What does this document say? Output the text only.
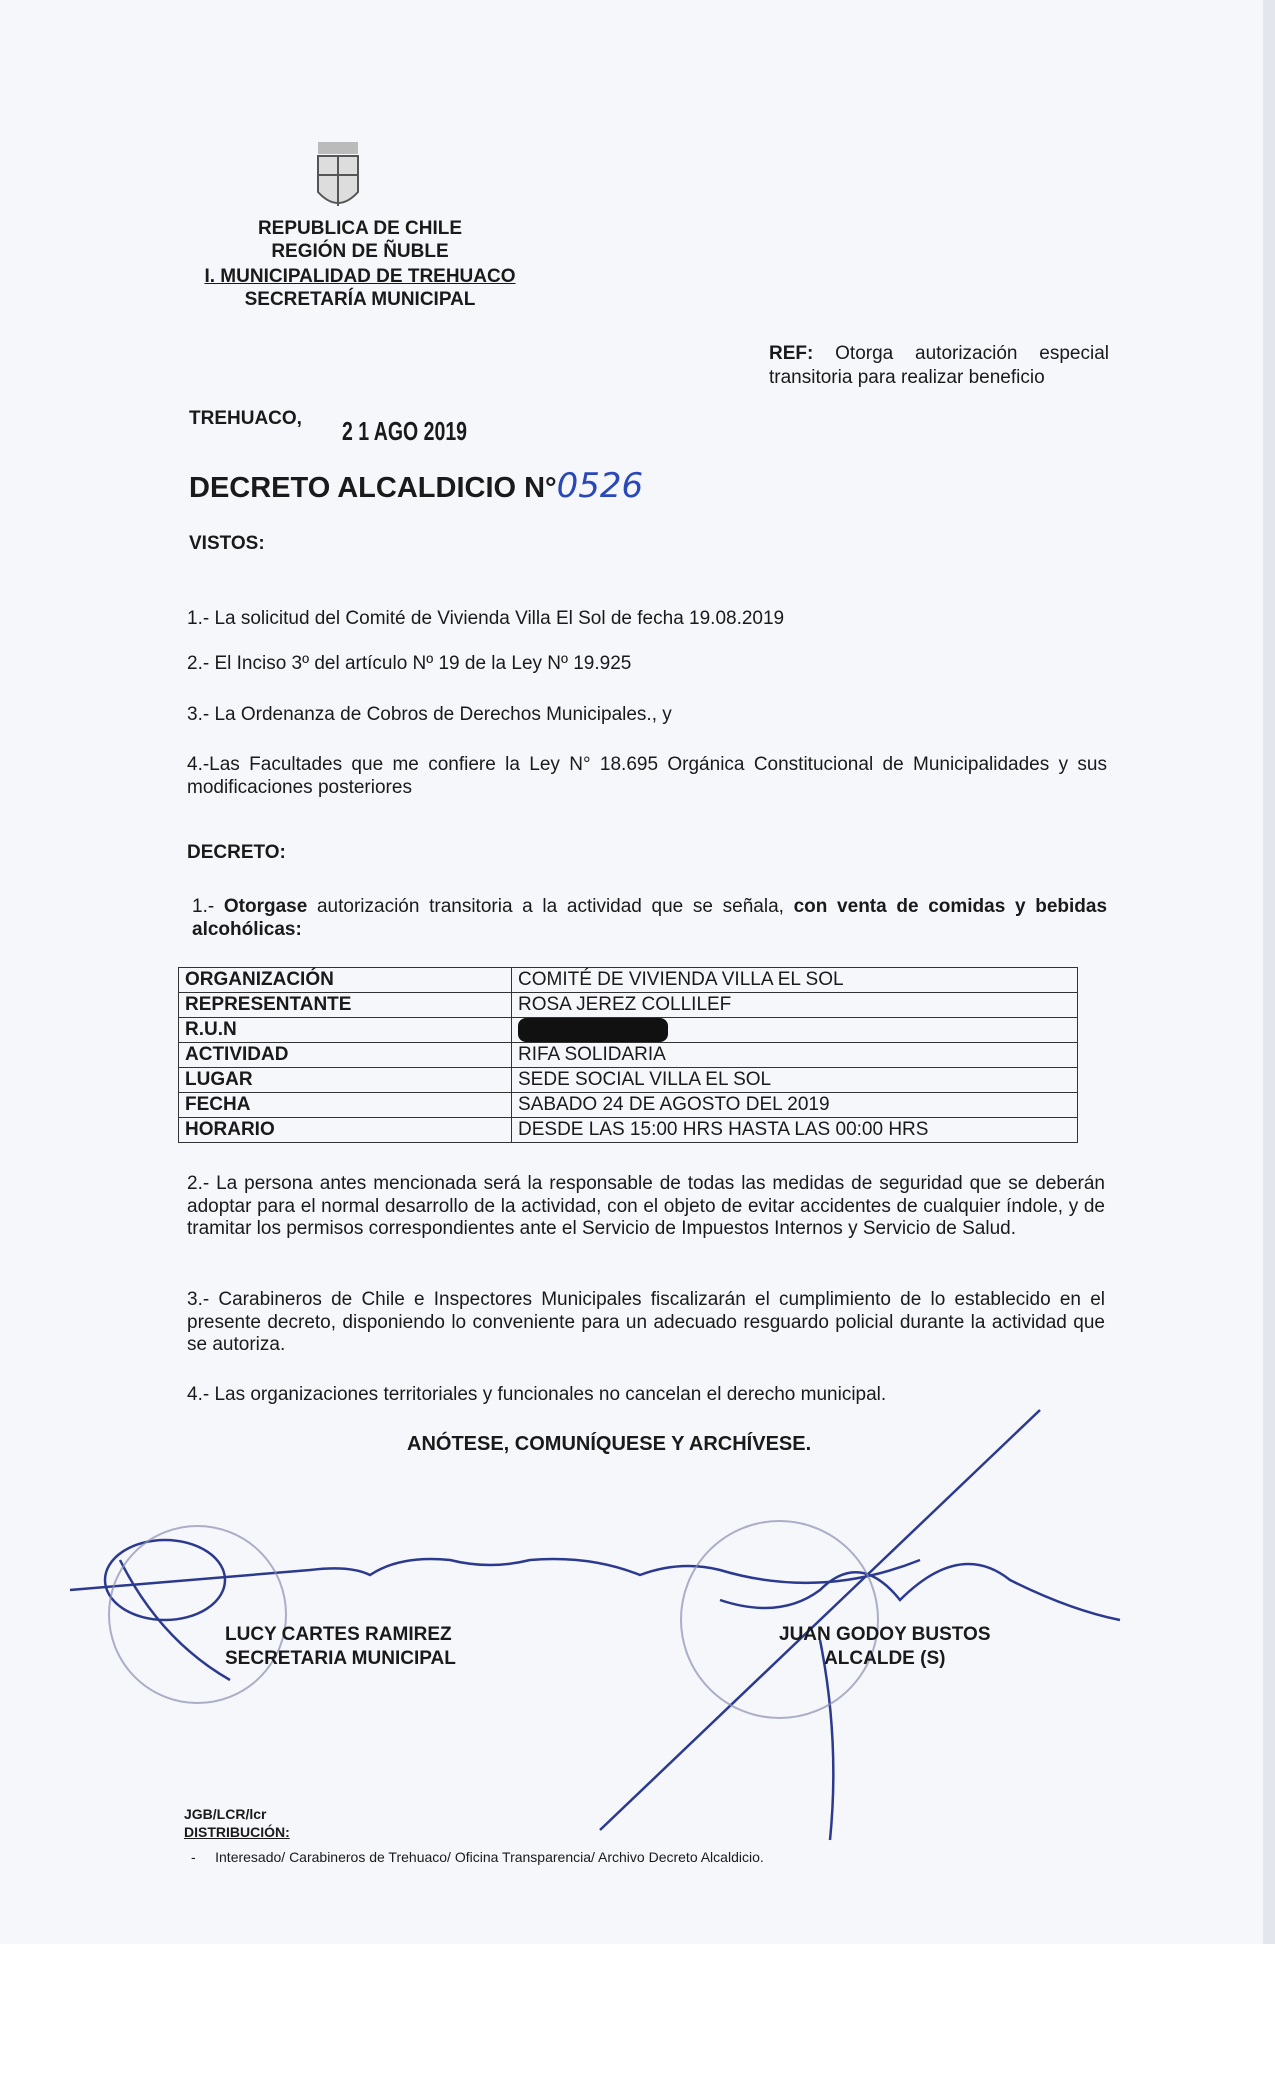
REPUBLICA DE CHILE
REGIÓN DE ÑUBLE
I. MUNICIPALIDAD DE TREHUACO
SECRETARÍA MUNICIPAL
REF: Otorga autorización especial transitoria para realizar beneficio
TREHUACO, 2 1 AGO 2019
DECRETO ALCALDICIO N°0526
VISTOS:
1.- La solicitud del Comité de Vivienda Villa El Sol de fecha 19.08.2019
2.- El Inciso 3º del artículo Nº 19 de la Ley Nº 19.925
3.- La Ordenanza de Cobros de Derechos Municipales., y
4.-Las Facultades que me confiere la Ley N° 18.695 Orgánica Constitucional de Municipalidades y sus modificaciones posteriores
DECRETO:
1.- Otorgase autorización transitoria a la actividad que se señala, con venta de comidas y bebidas alcohólicas:
ORGANIZACIÓN	COMITÉ DE VIVIENDA VILLA EL SOL
REPRESENTANTE	ROSA JEREZ COLLILEF
R.U.N	
ACTIVIDAD	RIFA SOLIDARIA
LUGAR	SEDE SOCIAL VILLA EL SOL
FECHA	SABADO 24 DE AGOSTO DEL 2019
HORARIO	DESDE LAS 15:00 HRS HASTA LAS 00:00 HRS
2.- La persona antes mencionada será la responsable de todas las medidas de seguridad que se deberán adoptar para el normal desarrollo de la actividad, con el objeto de evitar accidentes de cualquier índole, y de tramitar los permisos correspondientes ante el Servicio de Impuestos Internos y Servicio de Salud.
3.- Carabineros de Chile e Inspectores Municipales fiscalizarán el cumplimiento de lo establecido en el presente decreto, disponiendo lo conveniente para un adecuado resguardo policial durante la actividad que se autoriza.
4.- Las organizaciones territoriales y funcionales no cancelan el derecho municipal.
ANÓTESE, COMUNÍQUESE Y ARCHÍVESE.
LUCY CARTES RAMIREZ
SECRETARIA MUNICIPAL
JUAN GODOY BUSTOS
ALCALDE (S)
JGB/LCR/lcr
DISTRIBUCIÓN:
-     Interesado/ Carabineros de Trehuaco/ Oficina Transparencia/ Archivo Decreto Alcaldicio.
